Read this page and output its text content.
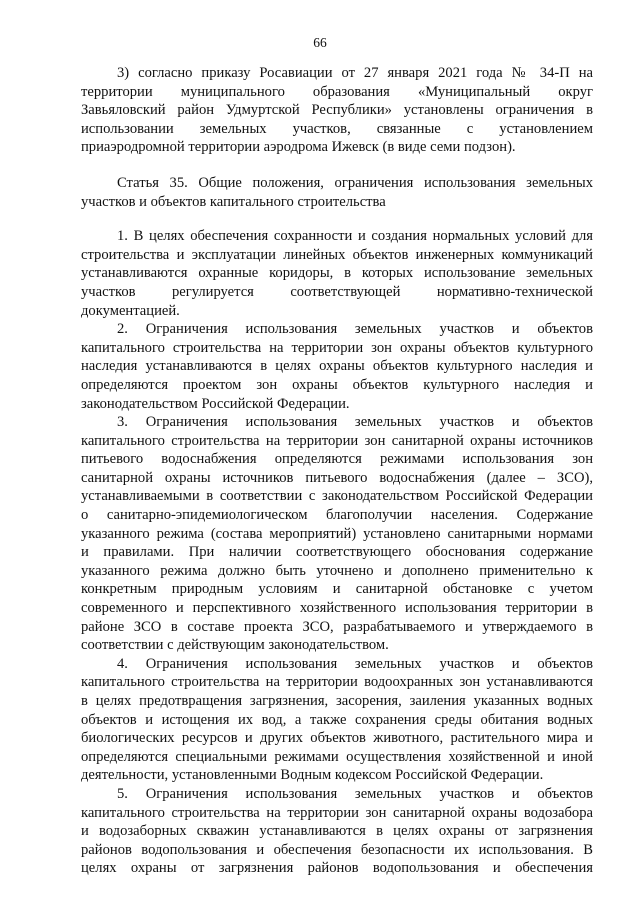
66
3) согласно приказу Росавиации от 27 января 2021 года № 34-П на
территории муниципального образования «Муниципальный округ
Завьяловский район Удмуртской Республики» установлены ограничения в
использовании земельных участков, связанные с установлением
приаэродромной территории аэродрома Ижевск (в виде семи подзон).
Статья 35. Общие положения, ограничения использования земельных
участков и объектов капитального строительства
1. В целях обеспечения сохранности и создания нормальных условий для
строительства и эксплуатации линейных объектов инженерных коммуникаций
устанавливаются охранные коридоры, в которых использование земельных
участков регулируется соответствующей нормативно-технической
документацией.
2. Ограничения использования земельных участков и объектов
капитального строительства на территории зон охраны объектов культурного
наследия устанавливаются в целях охраны объектов культурного наследия и
определяются проектом зон охраны объектов культурного наследия и
законодательством Российской Федерации.
3. Ограничения использования земельных участков и объектов
капитального строительства на территории зон санитарной охраны источников
питьевого водоснабжения определяются режимами использования зон
санитарной охраны источников питьевого водоснабжения (далее – ЗСО),
устанавливаемыми в соответствии с законодательством Российской Федерации
о санитарно-эпидемиологическом благополучии населения. Содержание
указанного режима (состава мероприятий) установлено санитарными нормами
и правилами. При наличии соответствующего обоснования содержание
указанного режима должно быть уточнено и дополнено применительно к
конкретным природным условиям и санитарной обстановке с учетом
современного и перспективного хозяйственного использования территории в
районе ЗСО в составе проекта ЗСО, разрабатываемого и утверждаемого в
соответствии с действующим законодательством.
4. Ограничения использования земельных участков и объектов
капитального строительства на территории водоохранных зон устанавливаются
в целях предотвращения загрязнения, засорения, заиления указанных водных
объектов и истощения их вод, а также сохранения среды обитания водных
биологических ресурсов и других объектов животного, растительного мира и
определяются специальными режимами осуществления хозяйственной и иной
деятельности, установленными Водным кодексом Российской Федерации.
5. Ограничения использования земельных участков и объектов
капитального строительства на территории зон санитарной охраны водозабора
и водозаборных скважин устанавливаются в целях охраны от загрязнения
районов водопользования и обеспечения безопасности их использования. В
целях охраны от загрязнения районов водопользования и обеспечения
